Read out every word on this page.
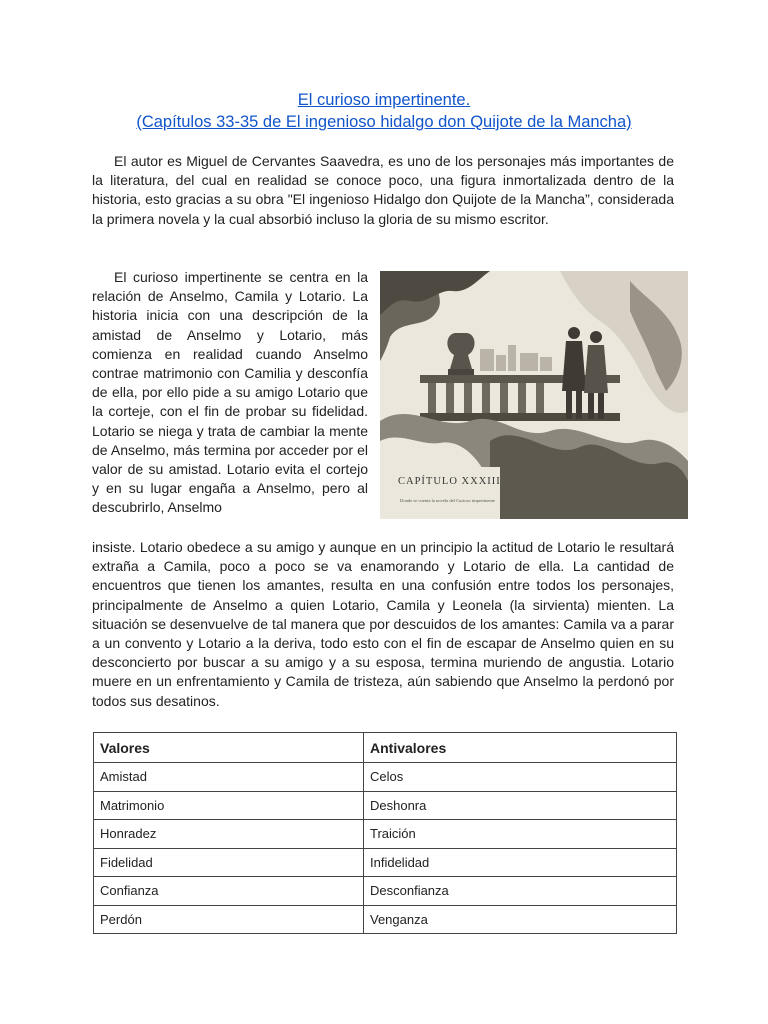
El curioso impertinente.
(Capítulos 33-35 de El ingenioso hidalgo don Quijote de la Mancha)

El autor es Miguel de Cervantes Saavedra, es uno de los personajes más importantes de la literatura, del cual en realidad se conoce poco, una figura inmortalizada dentro de la historia, esto gracias a su obra "El ingenioso Hidalgo don Quijote de la Mancha”, considerada la primera novela y la cual absorbió incluso la gloria de su mismo escritor.

El curioso impertinente se centra en la relación de Anselmo, Camila y Lotario. La historia inicia con una descripción de la amistad de Anselmo y Lotario, más comienza en realidad cuando Anselmo contrae matrimonio con Camilia y desconfía de ella, por ello pide a su amigo Lotario que la corteje, con el fin de probar su fidelidad. Lotario se niega y trata de cambiar la mente de Anselmo, más termina por acceder por el valor de su amistad. Lotario evita el cortejo y en su lugar engaña a Anselmo, pero al descubrirlo, Anselmo

CAPÍTULO XXXIII
Donde se cuenta la novela del Curioso impertinente

insiste. Lotario obedece a su amigo y aunque en un principio la actitud de Lotario le resultará extraña a Camila, poco a poco se va enamorando y Lotario de ella. La cantidad de encuentros que tienen los amantes, resulta en una confusión entre todos los personajes, principalmente de Anselmo a quien Lotario, Camila y Leonela (la sirvienta) mienten. La situación se desenvuelve de tal manera que por descuidos de los amantes: Camila va a parar a un convento y Lotario a la deriva, todo esto con el fin de escapar de Anselmo quien en su desconcierto por buscar a su amigo y a su esposa, termina muriendo de angustia. Lotario muere en un enfrentamiento y Camila de tristeza, aún sabiendo que Anselmo la perdonó por todos sus desatinos.

Valores	Antivalores
Amistad	Celos
Matrimonio	Deshonra
Honradez	Traición
Fidelidad	Infidelidad
Confianza	Desconfianza
Perdón	Venganza
